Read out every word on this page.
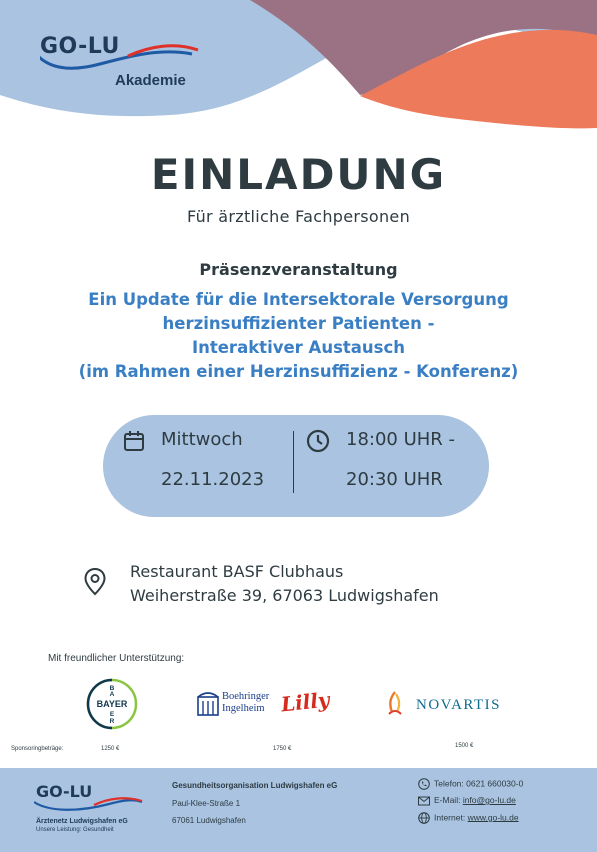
GO-LU
Akademie
EINLADUNG
Für ärztliche Fachpersonen
Präsenzveranstaltung
Ein Update für die Intersektorale Versorgung
herzinsuffizienter Patienten -
Interaktiver Austausch
(im Rahmen einer Herzinsuffizienz - Konferenz)
Mittwoch
22.11.2023
18:00 UHR -
20:30 UHR
Restaurant BASF Clubhaus
Weiherstraße 39, 67063 Ludwigshafen
Mit freundlicher Unterstützung:
BAYER
B
A
E
R
Boehringer
Ingelheim Lilly	NOVARTIS
Sponsoringbeträge:	1250 €	1750 €	1500 €
GO-LU
Ärztenetz Ludwigshafen eG
Unsere Leistung: Gesundheit
Gesundheitsorganisation Ludwigshafen eG
Paul-Klee-Straße 1
67061 Ludwigshafen
Telefon: 0621 660030-0
E-Mail: info@go-lu.de
Internet: www.go-lu.de
